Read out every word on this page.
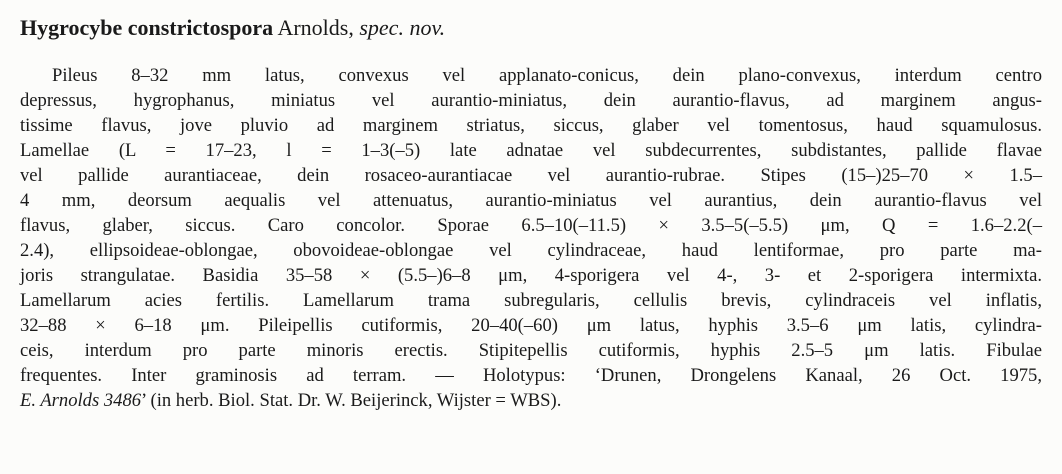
Hygrocybe constrictospora Arnolds, spec. nov.
Pileus 8–32 mm latus, convexus vel applanato-conicus, dein plano-convexus, interdum centro
depressus, hygrophanus, miniatus vel aurantio-miniatus, dein aurantio-flavus, ad marginem angus-
tissime flavus, jove pluvio ad marginem striatus, siccus, glaber vel tomentosus, haud squamulosus.
Lamellae (L = 17–23, l = 1–3(–5) late adnatae vel subdecurrentes, subdistantes, pallide flavae
vel pallide aurantiaceae, dein rosaceo-aurantiacae vel aurantio-rubrae. Stipes (15–)25–70 × 1.5–
4 mm, deorsum aequalis vel attenuatus, aurantio-miniatus vel aurantius, dein aurantio-flavus vel
flavus, glaber, siccus. Caro concolor. Sporae 6.5–10(–11.5) × 3.5–5(–5.5) μm, Q = 1.6–2.2(–
2.4), ellipsoideae-oblongae, obovoideae-oblongae vel cylindraceae, haud lentiformae, pro parte ma-
joris strangulatae. Basidia 35–58 × (5.5–)6–8 μm, 4-sporigera vel 4-, 3- et 2-sporigera intermixta.
Lamellarum acies fertilis. Lamellarum trama subregularis, cellulis brevis, cylindraceis vel inflatis,
32–88 × 6–18 μm. Pileipellis cutiformis, 20–40(–60) μm latus, hyphis 3.5–6 μm latis, cylindra-
ceis, interdum pro parte minoris erectis. Stipitepellis cutiformis, hyphis 2.5–5 μm latis. Fibulae
frequentes. Inter graminosis ad terram. — Holotypus: ‘Drunen, Drongelens Kanaal, 26 Oct. 1975,
E. Arnolds 3486’ (in herb. Biol. Stat. Dr. W. Beijerinck, Wijster = WBS).
